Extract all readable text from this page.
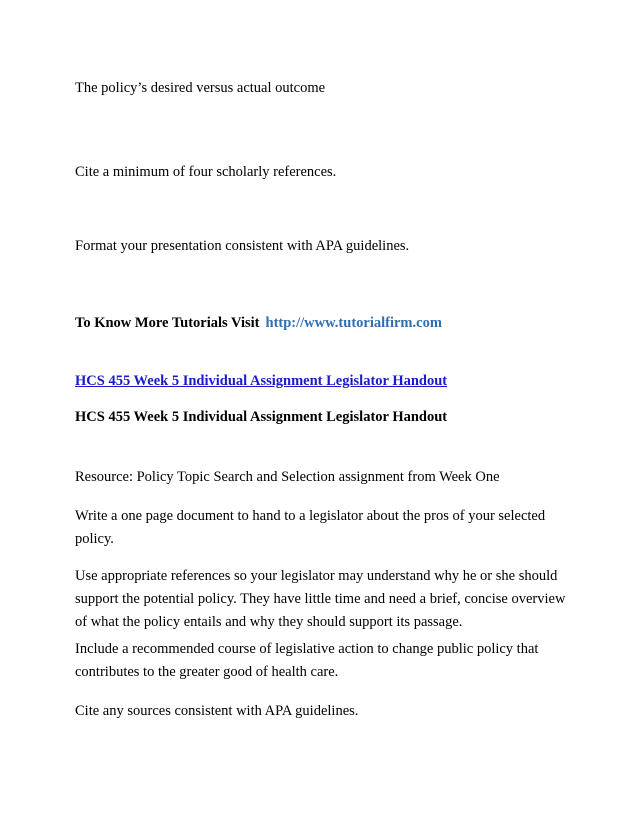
The policy’s desired versus actual outcome
Cite a minimum of four scholarly references.
Format your presentation consistent with APA guidelines.
To Know More Tutorials Visit http://www.tutorialfirm.com
HCS 455 Week 5 Individual Assignment Legislator Handout
HCS 455 Week 5 Individual Assignment Legislator Handout
Resource: Policy Topic Search and Selection assignment from Week One
Write a one page document to hand to a legislator about the pros of your selected policy.
Use appropriate references so your legislator may understand why he or she should support the potential policy. They have little time and need a brief, concise overview of what the policy entails and why they should support its passage.
Include a recommended course of legislative action to change public policy that contributes to the greater good of health care.
Cite any sources consistent with APA guidelines.
